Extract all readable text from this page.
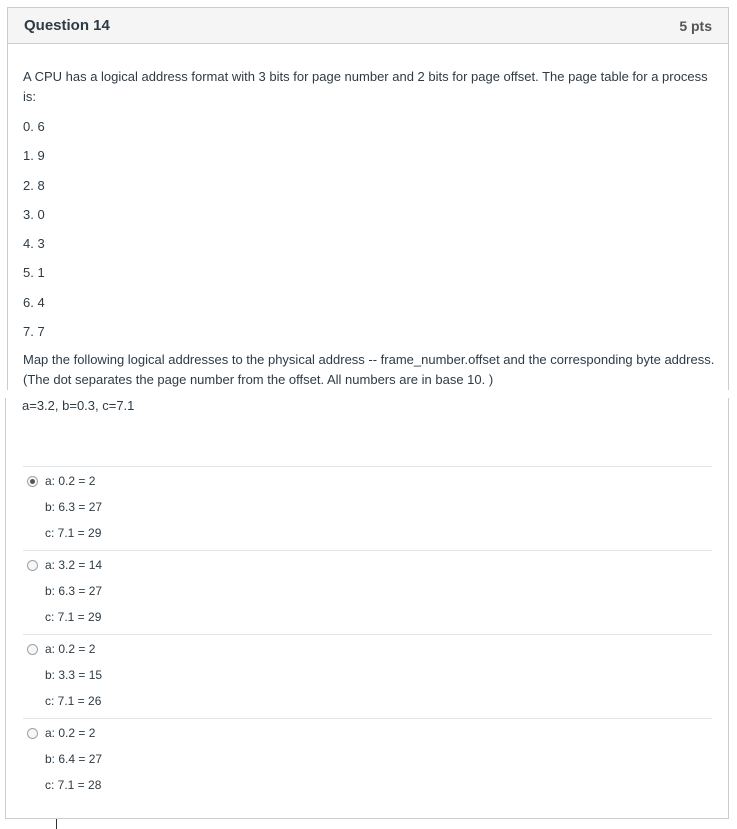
Question 14	5 pts
A CPU has a logical address format with 3 bits for page number and 2 bits for page offset. The page table for a process is:
0. 6
1. 9
2. 8
3. 0
4. 3
5. 1
6. 4
7. 7
Map the following logical addresses to the physical address -- frame_number.offset and the corresponding byte address. (The dot separates the page number from the offset. All numbers are in base 10. )
a=3.2, b=0.3, c=7.1
a: 0.2 = 2
b: 6.3 = 27
c: 7.1 = 29
a: 3.2 = 14
b: 6.3 = 27
c: 7.1 = 29
a: 0.2 = 2
b: 3.3 = 15
c: 7.1 = 26
a: 0.2 = 2
b: 6.4 = 27
c: 7.1 = 28
